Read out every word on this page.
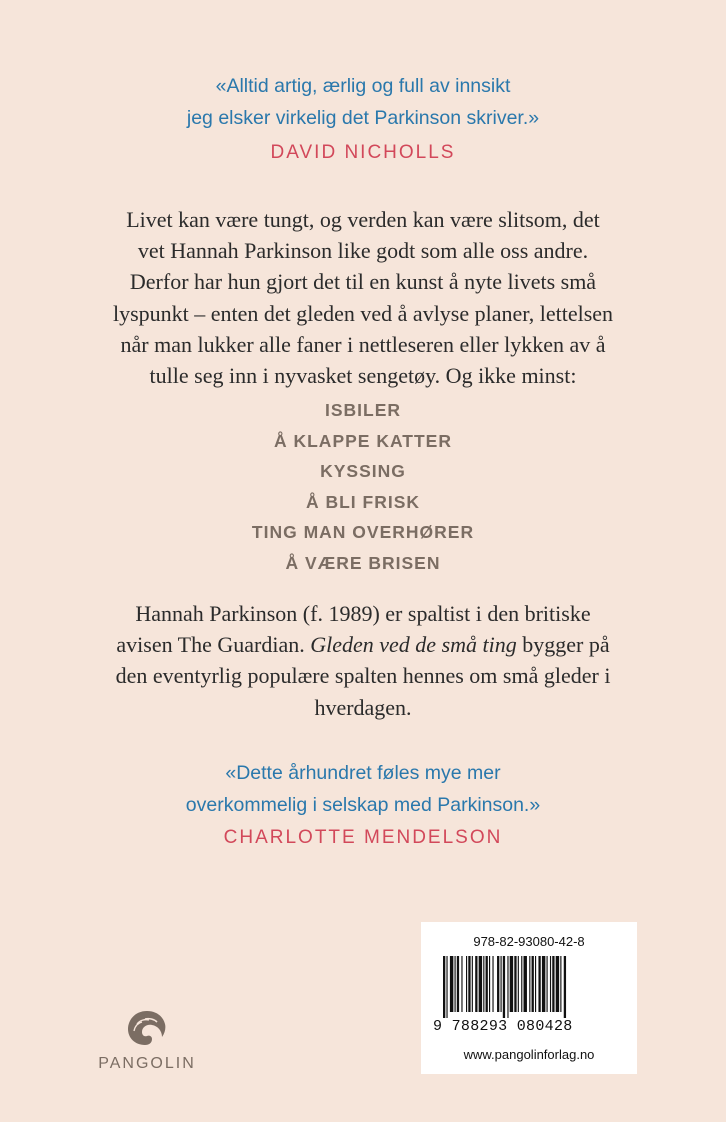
«Alltid artig, ærlig og full av innsikt

jeg elsker virkelig det Parkinson skriver.»

DAVID NICHOLLS

Livet kan være tungt, og verden kan være slitsom, det

vet Hannah Parkinson like godt som alle oss andre.

Derfor har hun gjort det til en kunst å nyte livets små

lyspunkt – enten det gleden ved å avlyse planer, lettelsen

når man lukker alle faner i nettleseren eller lykken av å

tulle seg inn i nyvasket sengetøy. Og ikke minst:

ISBILER
Å KLAPPE KATTER
KYSSING
Å BLI FRISK
TING MAN OVERHØRER
Å VÆRE BRISEN

Hannah Parkinson (f. 1989) er spaltist i den britiske

avisen The Guardian. Gleden ved de små ting bygger på

den eventyrlig populære spalten hennes om små gleder i

hverdagen.

«Dette århundret føles mye mer

overkommelig i selskap med Parkinson.»

CHARLOTTE MENDELSON
PANGOLIN
978-82-93080-42-8
9 788293 080428
www.pangolinforlag.no
